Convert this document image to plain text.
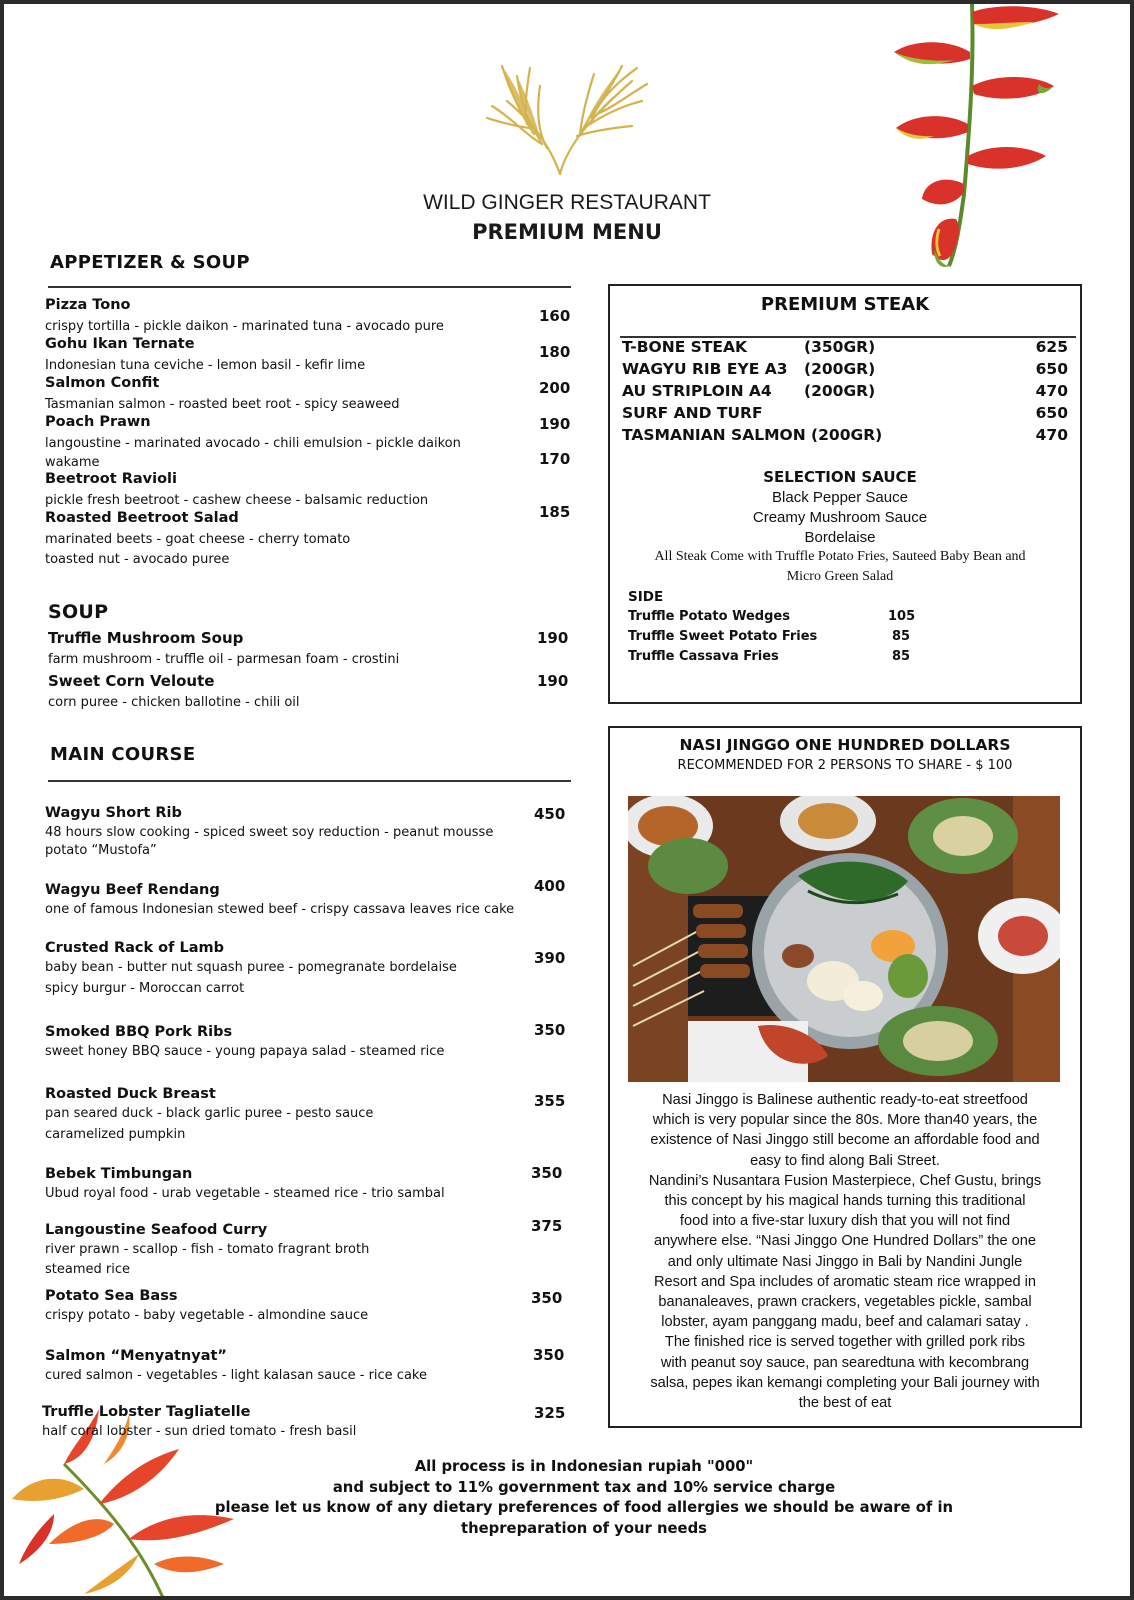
WILD GINGER RESTAURANT
PREMIUM MENU
APPETIZER & SOUP
Pizza Tono
crispy tortilla - pickle daikon - marinated tuna - avocado pure
160
Gohu Ikan Ternate
Indonesian tuna ceviche - lemon basil - kefir lime
180
Salmon Confit
Tasmanian salmon - roasted beet root - spicy seaweed
200
Poach Prawn
langoustine - marinated avocado - chili emulsion - pickle daikon
wakame
190
Beetroot Ravioli
pickle fresh beetroot - cashew cheese - balsamic reduction
170
Roasted Beetroot Salad
marinated beets - goat cheese - cherry tomato
toasted nut - avocado puree
185
SOUP
Truffle Mushroom Soup
farm mushroom - truffle oil - parmesan foam - crostini
190
Sweet Corn Veloute
corn puree - chicken ballotine - chili oil
190
MAIN COURSE
Wagyu Short Rib
48 hours slow cooking - spiced sweet soy reduction - peanut mousse
potato “Mustofa”
450
Wagyu Beef Rendang
one of famous Indonesian stewed beef - crispy cassava leaves rice cake
400
Crusted Rack of Lamb
baby bean - butter nut squash puree - pomegranate bordelaise
spicy burgur - Moroccan carrot
390
Smoked BBQ Pork Ribs
sweet honey BBQ sauce - young papaya salad - steamed rice
350
Roasted Duck Breast
pan seared duck - black garlic puree - pesto sauce
caramelized pumpkin
355
Bebek Timbungan
Ubud royal food - urab vegetable - steamed rice - trio sambal
350
Langoustine Seafood Curry
river prawn - scallop - fish - tomato fragrant broth
steamed rice
375
Potato Sea Bass
crispy potato - baby vegetable - almondine sauce
350
Salmon “Menyatnyat”
cured salmon - vegetables - light kalasan sauce - rice cake
350
Truffle Lobster Tagliatelle
half coral lobster - sun dried tomato - fresh basil
325
PREMIUM STEAK
T-BONE STEAK	(350GR)	625
WAGYU RIB EYE A3 (200GR)	650
AU STRIPLOIN A4 (200GR)	470
SURF AND TURF	650
TASMANIAN SALMON (200GR)	470
SELECTION SAUCE
Black Pepper Sauce
Creamy Mushroom Sauce
Bordelaise
All Steak Come with Truffle Potato Fries, Sauteed Baby Bean and
Micro Green Salad
SIDE
Truffle Potato Wedges	105
Truffle Sweet Potato Fries	85
Truffle Cassava Fries	85
NASI JINGGO ONE HUNDRED DOLLARS
RECOMMENDED FOR 2 PERSONS TO SHARE - $ 100
Nasi Jinggo is Balinese authentic ready-to-eat streetfood
which is very popular since the 80s. More than40 years, the
existence of Nasi Jinggo still become an affordable food and
easy to find along Bali Street.
Nandini’s Nusantara Fusion Masterpiece, Chef Gustu, brings
this concept by his magical hands turning this traditional
food into a five-star luxury dish that you will not find
anywhere else. “Nasi Jinggo One Hundred Dollars” the one
and only ultimate Nasi Jinggo in Bali by Nandini Jungle
Resort and Spa includes of aromatic steam rice wrapped in
bananaleaves, prawn crackers, vegetables pickle, sambal
lobster, ayam panggang madu, beef and calamari satay .
The finished rice is served together with grilled pork ribs
with peanut soy sauce, pan searedtuna with kecombrang
salsa, pepes ikan kemangi completing your Bali journey with
the best of eat
All process is in Indonesian rupiah "000"
and subject to 11% government tax and 10% service charge
please let us know of any dietary preferences of food allergies we should be aware of in
thepreparation of your needs
